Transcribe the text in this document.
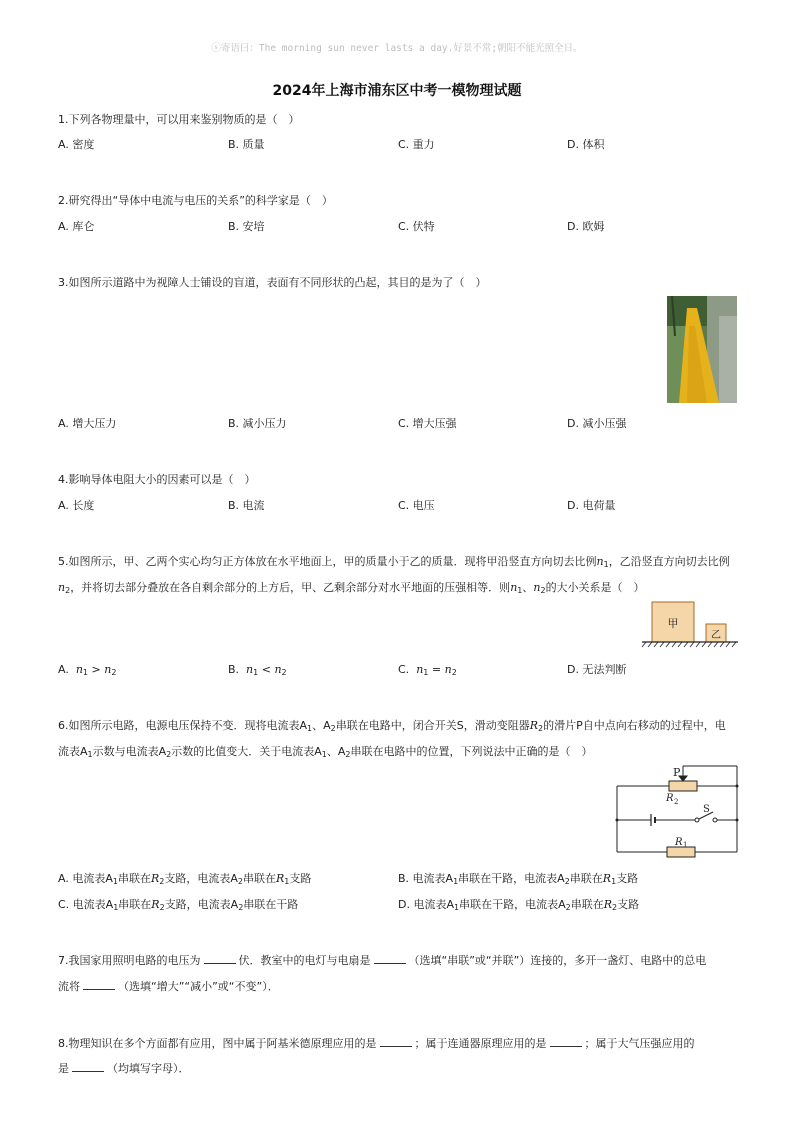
ⓢ寄语曰：The morning sun never lasts a day.好景不常;朝阳不能光照全日。
2024年上海市浦东区中考一模物理试题
1.下列各物理量中，可以用来鉴别物质的是（　）
A. 密度	B. 质量	C. 重力	D. 体积
2.研究得出“导体中电流与电压的关系”的科学家是（　）
A. 库仑	B. 安培	C. 伏特	D. 欧姆
3.如图所示道路中为视障人士铺设的盲道，表面有不同形状的凸起，其目的是为了（　）
A. 增大压力	B. 减小压力	C. 增大压强	D. 减小压强
4.影响导体电阻大小的因素可以是（　）
A. 长度	B. 电流	C. 电压	D. 电荷量
5.如图所示，甲、乙两个实心均匀正方体放在水平地面上，甲的质量小于乙的质量．现将甲沿竖直方向切去比例$n_1$，乙沿竖直方向切去比例
$n_2$，并将切去部分叠放在各自剩余部分的上方后，甲、乙剩余部分对水平地面的压强相等．则$n_1$、$n_2$的大小关系是（　）
甲
乙
A. $n_1 > n_2$	B. $n_1 < n_2$	C. $n_1 = n_2$	D. 无法判断
6.如图所示电路，电源电压保持不变．现将电流表$A_1$、$A_2$串联在电路中，闭合开关S，滑动变阻器$R_2$的滑片P自中点向右移动的过程中，电
流表$A_1$示数与电流表$A_2$示数的比值变大．关于电流表$A_1$、$A_2$串联在电路中的位置，下列说法中正确的是（　）
P
R 2
S
R 1
A. 电流表$A_1$串联在$R_2$支路，电流表$A_2$串联在$R_1$支路	B. 电流表$A_1$串联在干路，电流表$A_2$串联在$R_1$支路
C. 电流表$A_1$串联在$R_2$支路，电流表$A_2$串联在干路	D. 电流表$A_1$串联在干路，电流表$A_2$串联在$R_2$支路
7.我国家用照明电路的电压为	伏．教室中的电灯与电扇是	（选填“串联”或“并联”）连接的，多开一盏灯、电路中的总电
流将	（选填“增大”“减小”或“不变”）．
8.物理知识在多个方面都有应用，图中属于阿基米德原理应用的是	；属于连通器原理应用的是	；属于大气压强应用的
是	（均填写字母）．
